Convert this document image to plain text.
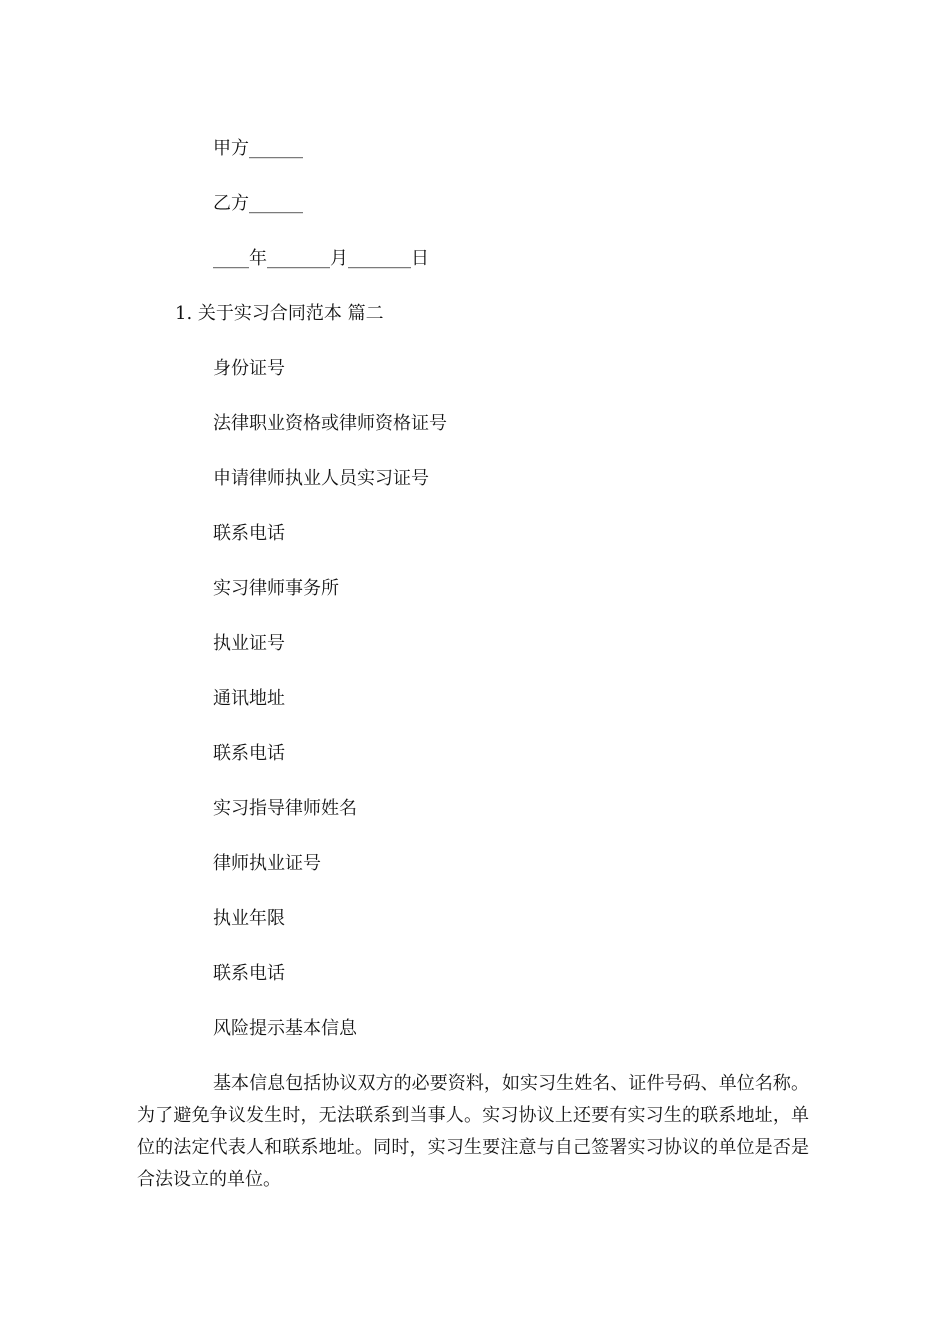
甲方______
乙方______
____年_______月_______日
1. 关于实习合同范本 篇二
身份证号
法律职业资格或律师资格证号
申请律师执业人员实习证号
联系电话
实习律师事务所
执业证号
通讯地址
联系电话
实习指导律师姓名
律师执业证号
执业年限
联系电话
风险提示基本信息
基本信息包括协议双方的必要资料，如实习生姓名、证件号码、单位名称。为了避免争议发生时，无法联系到当事人。实习协议上还要有实习生的联系地址，单位的法定代表人和联系地址。同时，实习生要注意与自己签署实习协议的单位是否是合法设立的单位。
